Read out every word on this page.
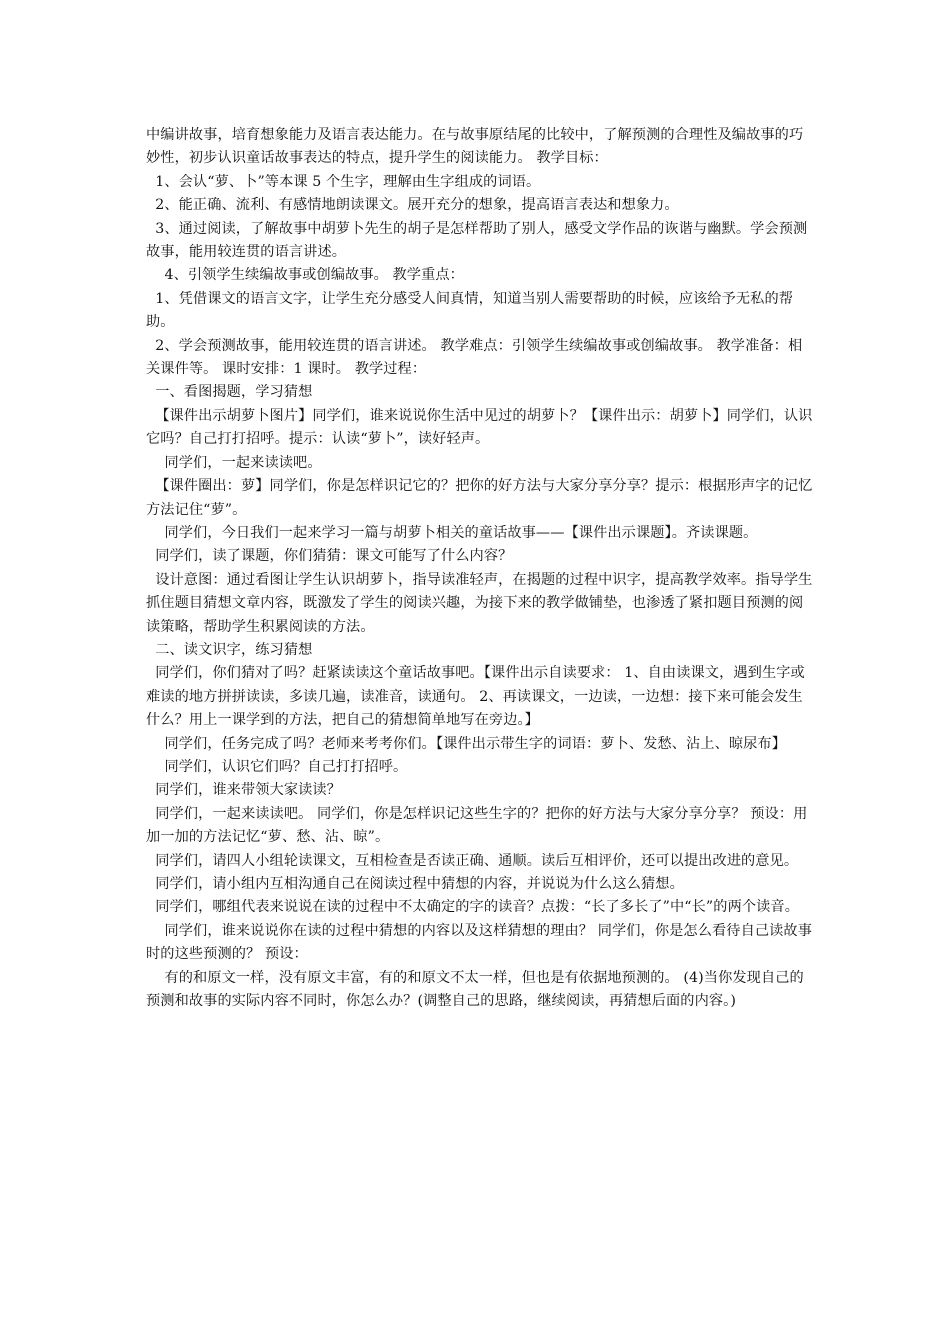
中编讲故事，培育想象能力及语言表达能力。在与故事原结尾的比较中，了解预测的合理性及编故事的巧妙性，初步认识童话故事表达的特点，提升学生的阅读能力。 教学目标：

1、会认“萝、卜”等本课 5 个生字，理解由生字组成的词语。

2、能正确、流利、有感情地朗读课文。展开充分的想象，提高语言表达和想象力。

3、通过阅读，了解故事中胡萝卜先生的胡子是怎样帮助了别人，感受文学作品的诙谐与幽默。学会预测故事，能用较连贯的语言讲述。

4、引领学生续编故事或创编故事。 教学重点：

1、凭借课文的语言文字，让学生充分感受人间真情，知道当别人需要帮助的时候，应该给予无私的帮助。

2、学会预测故事，能用较连贯的语言讲述。 教学难点：引领学生续编故事或创编故事。 教学准备：相关课件等。 课时安排：1 课时。 教学过程：

一、看图揭题，学习猜想

【课件出示胡萝卜图片】同学们，谁来说说你生活中见过的胡萝卜？【课件出示：胡萝卜】同学们，认识它吗？自己打打招呼。提示：认读“萝卜”，读好轻声。

同学们，一起来读读吧。

【课件圈出：萝】同学们，你是怎样识记它的？把你的好方法与大家分享分享？提示：根据形声字的记忆方法记住“萝”。

同学们，今日我们一起来学习一篇与胡萝卜相关的童话故事——【课件出示课题】。齐读课题。

同学们，读了课题，你们猜猜：课文可能写了什么内容？

设计意图：通过看图让学生认识胡萝卜，指导读准轻声，在揭题的过程中识字，提高教学效率。指导学生抓住题目猜想文章内容，既激发了学生的阅读兴趣，为接下来的教学做铺垫，也渗透了紧扣题目预测的阅读策略，帮助学生积累阅读的方法。

二、读文识字，练习猜想

同学们，你们猜对了吗？赶紧读读这个童话故事吧。【课件出示自读要求： 1、自由读课文，遇到生字或难读的地方拼拼读读，多读几遍，读准音，读通句。 2、再读课文，一边读，一边想：接下来可能会发生什么？用上一课学到的方法，把自己的猜想简单地写在旁边。】

同学们，任务完成了吗？老师来考考你们。【课件出示带生字的词语：萝卜、发愁、沾上、晾尿布】

同学们，认识它们吗？自己打打招呼。

同学们，谁来带领大家读读？

同学们，一起来读读吧。 同学们，你是怎样识记这些生字的？把你的好方法与大家分享分享？ 预设：用加一加的方法记忆“萝、愁、沾、晾”。

同学们，请四人小组轮读课文，互相检查是否读正确、通顺。读后互相评价，还可以提出改进的意见。

同学们，请小组内互相沟通自己在阅读过程中猜想的内容，并说说为什么这么猜想。

同学们，哪组代表来说说在读的过程中不太确定的字的读音？点拨：“长了多长了”中“长”的两个读音。

同学们，谁来说说你在读的过程中猜想的内容以及这样猜想的理由？ 同学们，你是怎么看待自己读故事时的这些预测的？ 预设：

有的和原文一样，没有原文丰富，有的和原文不太一样，但也是有依据地预测的。 (4)当你发现自己的预测和故事的实际内容不同时，你怎么办？(调整自己的思路，继续阅读，再猜想后面的内容。)
